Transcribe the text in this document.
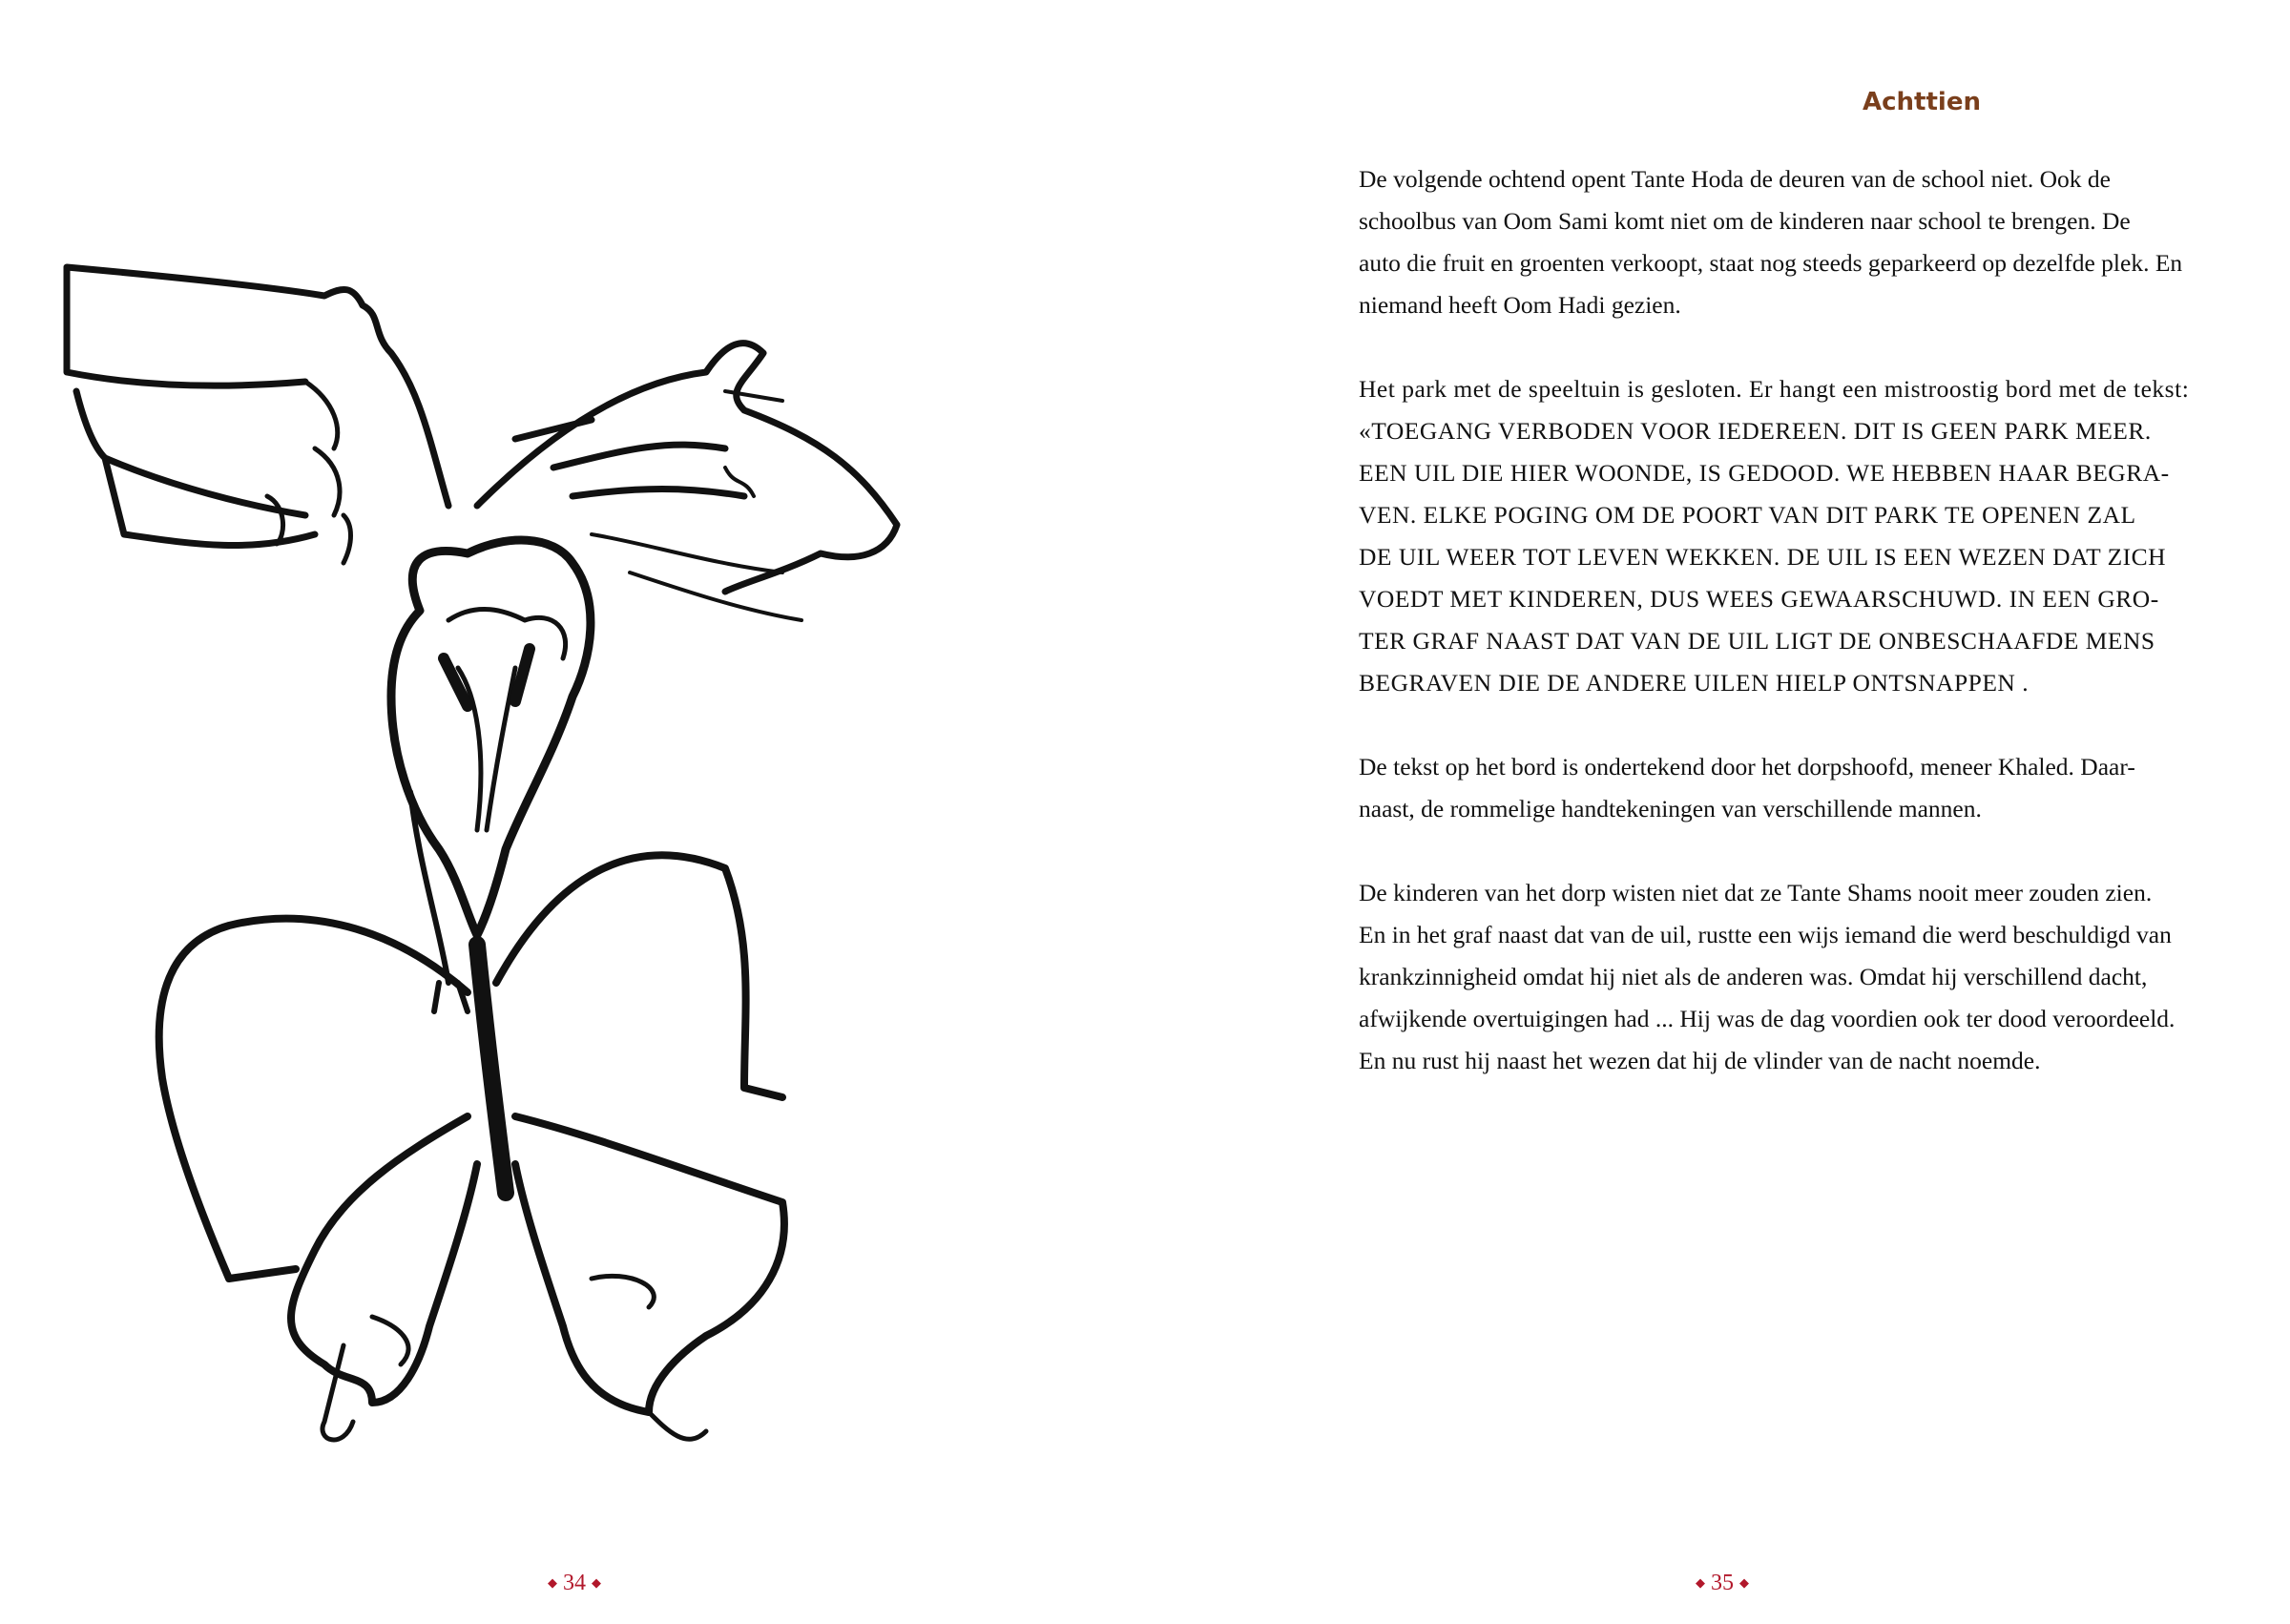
◆ 34 ◆
Achttien

De volgende ochtend opent Tante Hoda de deuren van de school niet. Ook de
schoolbus van Oom Sami komt niet om de kinderen naar school te brengen. De
auto die fruit en groenten verkoopt, staat nog steeds geparkeerd op dezelfde plek. En
niemand heeft Oom Hadi gezien.

Het park met de speeltuin is gesloten. Er hangt een mistroostig bord met de tekst:
«TOEGANG VERBODEN VOOR IEDEREEN. DIT IS GEEN PARK MEER.
EEN UIL DIE HIER WOONDE, IS GEDOOD. WE HEBBEN HAAR BEGRA-
VEN. ELKE POGING OM DE POORT VAN DIT PARK TE OPENEN ZAL
DE UIL WEER TOT LEVEN WEKKEN. DE UIL IS EEN WEZEN DAT ZICH
VOEDT MET KINDEREN, DUS WEES GEWAARSCHUWD. IN EEN GRO-
TER GRAF NAAST DAT VAN DE UIL LIGT DE ONBESCHAAFDE MENS
BEGRAVEN DIE DE ANDERE UILEN HIELP ONTSNAPPEN .

De tekst op het bord is ondertekend door het dorpshoofd, meneer Khaled. Daar-
naast, de rommelige handtekeningen van verschillende mannen.

De kinderen van het dorp wisten niet dat ze Tante Shams nooit meer zouden zien.
En in het graf naast dat van de uil, rustte een wijs iemand die werd beschuldigd van
krankzinnigheid omdat hij niet als de anderen was. Omdat hij verschillend dacht,
afwijkende overtuigingen had ... Hij was de dag voordien ook ter dood veroordeeld.
En nu rust hij naast het wezen dat hij de vlinder van de nacht noemde.

◆ 35 ◆
